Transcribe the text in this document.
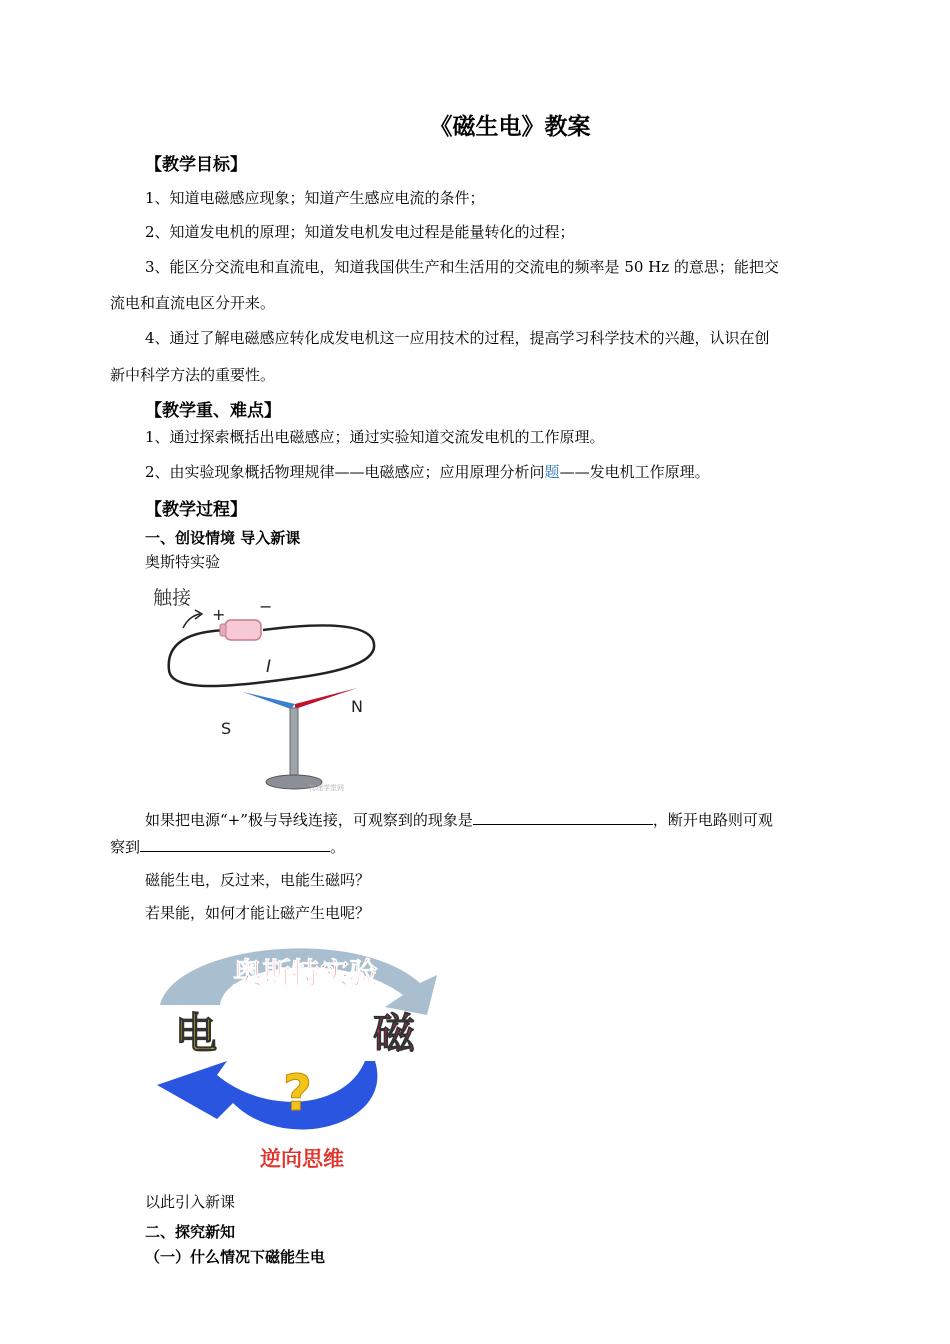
《磁生电》教案
【教学目标】
1、知道电磁感应现象；知道产生感应电流的条件；
2、知道发电机的原理；知道发电机发电过程是能量转化的过程；
3、能区分交流电和直流电，知道我国供生产和生活用的交流电的频率是 50 Hz 的意思；能把交
流电和直流电区分开来。
4、通过了解电磁感应转化成发电机这一应用技术的过程，提高学习科学技术的兴趣，认识在创
新中科学方法的重要性。
【教学重、难点】
1、通过探索概括出电磁感应；通过实验知道交流发电机的工作原理。
2、由实验现象概括物理规律——电磁感应；应用原理分析问题——发电机工作原理。
【教学过程】
一、创设情境 导入新课
奥斯特实验
触接
+ −
I
S
N
物理学堂网
如果把电源“+”极与导线连接，可观察到的现象是	，断开电路则可观
察到	。
磁能生电，反过来，电能生磁吗？
若果能，如何才能让磁产生电呢？
奥斯特实验
电	磁
?
逆向思维
以此引入新课
二、探究新知
（一）什么情况下磁能生电
